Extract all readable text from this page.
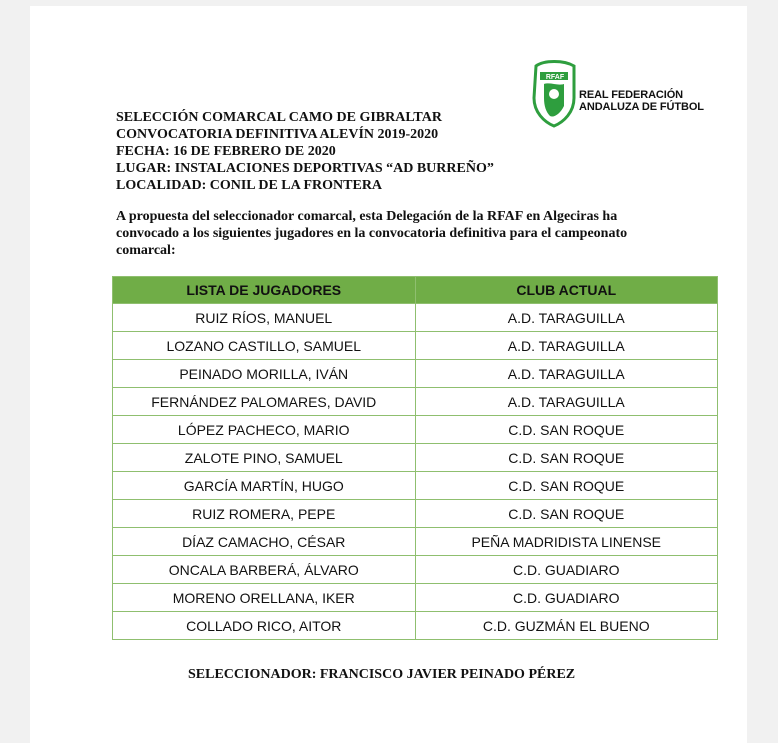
RFAF
REAL FEDERACIÓN
ANDALUZA DE FÚTBOL
SELECCIÓN COMARCAL CAMO DE GIBRALTAR
CONVOCATORIA DEFINITIVA ALEVÍN 2019-2020
FECHA: 16 DE FEBRERO DE 2020
LUGAR: INSTALACIONES DEPORTIVAS “AD BURREÑO”
LOCALIDAD: CONIL DE LA FRONTERA
A propuesta del seleccionador comarcal, esta Delegación de la RFAF en Algeciras ha convocado a los siguientes jugadores en la convocatoria definitiva para el campeonato comarcal:
LISTA DE JUGADORES	CLUB ACTUAL
RUIZ RÍOS, MANUEL	A.D. TARAGUILLA
LOZANO CASTILLO, SAMUEL	A.D. TARAGUILLA
PEINADO MORILLA, IVÁN	A.D. TARAGUILLA
FERNÁNDEZ PALOMARES, DAVID	A.D. TARAGUILLA
LÓPEZ PACHECO, MARIO	C.D. SAN ROQUE
ZALOTE PINO, SAMUEL	C.D. SAN ROQUE
GARCÍA MARTÍN, HUGO	C.D. SAN ROQUE
RUIZ ROMERA, PEPE	C.D. SAN ROQUE
DÍAZ CAMACHO, CÉSAR	PEÑA MADRIDISTA LINENSE
ONCALA BARBERÁ, ÁLVARO	C.D. GUADIARO
MORENO ORELLANA, IKER	C.D. GUADIARO
COLLADO RICO, AITOR	C.D. GUZMÁN EL BUENO
SELECCIONADOR: FRANCISCO JAVIER PEINADO PÉREZ
